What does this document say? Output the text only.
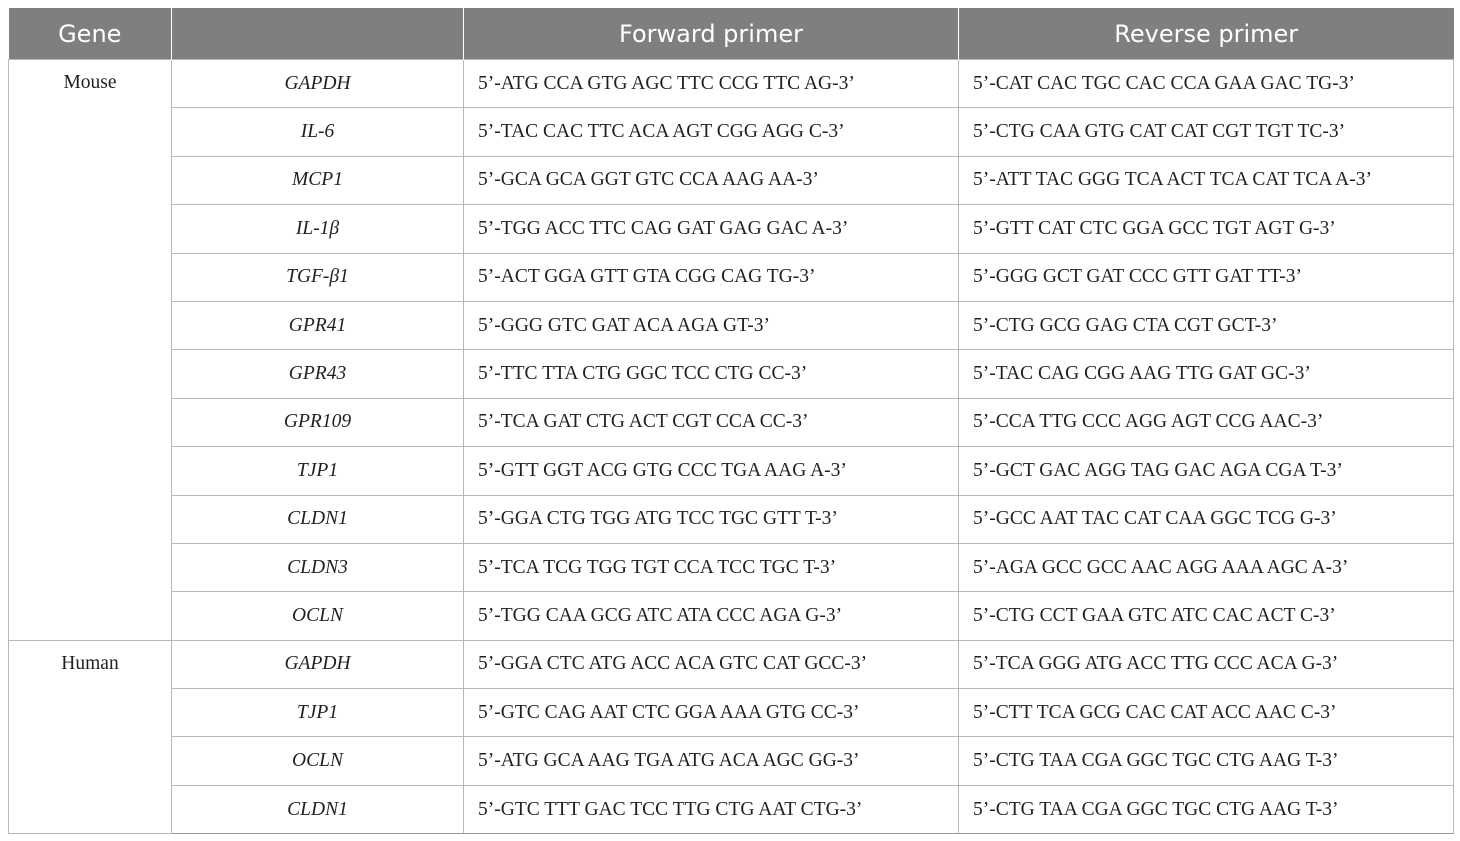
Gene		Forward primer	Reverse primer
Mouse	GAPDH	5’-ATG CCA GTG AGC TTC CCG TTC AG-3’	5’-CAT CAC TGC CAC CCA GAA GAC TG-3’
	IL-6	5’-TAC CAC TTC ACA AGT CGG AGG C-3’	5’-CTG CAA GTG CAT CAT CGT TGT TC-3’
	MCP1	5’-GCA GCA GGT GTC CCA AAG AA-3’	5’-ATT TAC GGG TCA ACT TCA CAT TCA A-3’
	IL-1β	5’-TGG ACC TTC CAG GAT GAG GAC A-3’	5’-GTT CAT CTC GGA GCC TGT AGT G-3’
	TGF-β1	5’-ACT GGA GTT GTA CGG CAG TG-3’	5’-GGG GCT GAT CCC GTT GAT TT-3’
	GPR41	5’-GGG GTC GAT ACA AGA GT-3’	5’-CTG GCG GAG CTA CGT GCT-3’
	GPR43	5’-TTC TTA CTG GGC TCC CTG CC-3’	5’-TAC CAG CGG AAG TTG GAT GC-3’
	GPR109	5’-TCA GAT CTG ACT CGT CCA CC-3’	5’-CCA TTG CCC AGG AGT CCG AAC-3’
	TJP1	5’-GTT GGT ACG GTG CCC TGA AAG A-3’	5’-GCT GAC AGG TAG GAC AGA CGA T-3’
	CLDN1	5’-GGA CTG TGG ATG TCC TGC GTT T-3’	5’-GCC AAT TAC CAT CAA GGC TCG G-3’
	CLDN3	5’-TCA TCG TGG TGT CCA TCC TGC T-3’	5’-AGA GCC GCC AAC AGG AAA AGC A-3’
	OCLN	5’-TGG CAA GCG ATC ATA CCC AGA G-3’	5’-CTG CCT GAA GTC ATC CAC ACT C-3’
Human	GAPDH	5’-GGA CTC ATG ACC ACA GTC CAT GCC-3’	5’-TCA GGG ATG ACC TTG CCC ACA G-3’
	TJP1	5’-GTC CAG AAT CTC GGA AAA GTG CC-3’	5’-CTT TCA GCG CAC CAT ACC AAC C-3’
	OCLN	5’-ATG GCA AAG TGA ATG ACA AGC GG-3’	5’-CTG TAA CGA GGC TGC CTG AAG T-3’
	CLDN1	5’-GTC TTT GAC TCC TTG CTG AAT CTG-3’	5’-CTG TAA CGA GGC TGC CTG AAG T-3’
